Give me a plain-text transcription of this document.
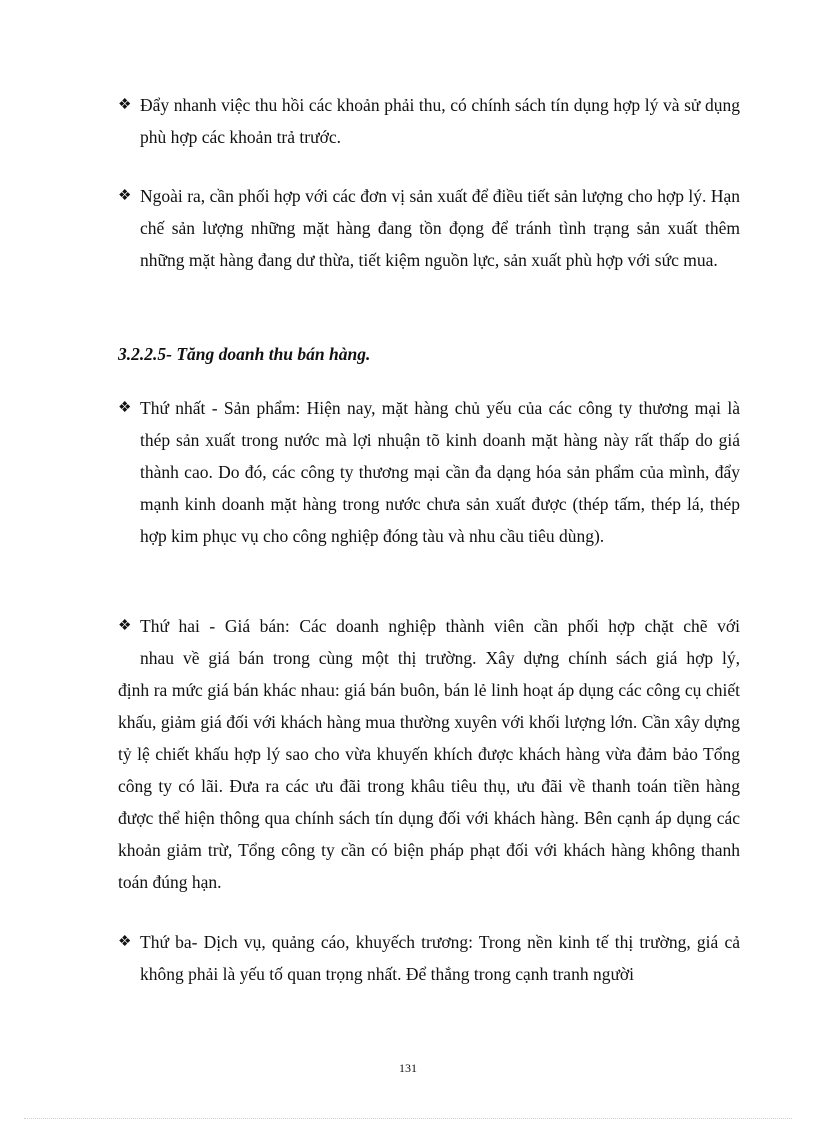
❖ Đẩy nhanh việc thu hồi các khoản phải thu, có chính sách tín dụng hợp lý và sử dụng phù hợp các khoản trả trước.
❖ Ngoài ra, cần phối hợp với các đơn vị sản xuất để điều tiết sản lượng cho hợp lý. Hạn chế sản lượng những mặt hàng đang tồn đọng để tránh tình trạng sản xuất thêm những mặt hàng đang dư thừa, tiết kiệm nguồn lực, sản xuất phù hợp với sức mua.
3.2.2.5- Tăng doanh thu bán hàng.
❖ Thứ nhất - Sản phẩm: Hiện nay, mặt hàng chủ yếu của các công ty thương mại là thép sản xuất trong nước mà lợi nhuận tõ kinh doanh mặt hàng này rất thấp do giá thành cao. Do đó, các công ty thương mại cần đa dạng hóa sản phẩm của mình, đẩy mạnh kinh doanh mặt hàng trong nước chưa sản xuất được (thép tấm, thép lá, thép hợp kim phục vụ cho công nghiệp đóng tàu và nhu cầu tiêu dùng).
❖ Thứ hai - Giá bán: Các doanh nghiệp thành viên cần phối hợp chặt chẽ với
nhau về giá bán trong cùng một thị trường. Xây dựng chính sách giá hợp lý,
định ra mức giá bán khác nhau: giá bán buôn, bán lẻ linh hoạt áp dụng các công cụ chiết khấu, giảm giá đối với khách hàng mua thường xuyên với khối lượng lớn. Cần xây dựng tỷ lệ chiết khấu hợp lý sao cho vừa khuyến khích được khách hàng vừa đảm bảo Tổng công ty có lãi. Đưa ra các ưu đãi trong khâu tiêu thụ, ưu đãi về thanh toán tiền hàng được thể hiện thông qua chính sách tín dụng đối với khách hàng. Bên cạnh áp dụng các khoản giảm trừ, Tổng công ty cần có biện pháp phạt đối với khách hàng không thanh toán đúng hạn.
❖ Thứ ba- Dịch vụ, quảng cáo, khuyếch trương: Trong nền kinh tế thị trường, giá cả không phải là yếu tố quan trọng nhất. Để thắng trong cạnh tranh người
131
